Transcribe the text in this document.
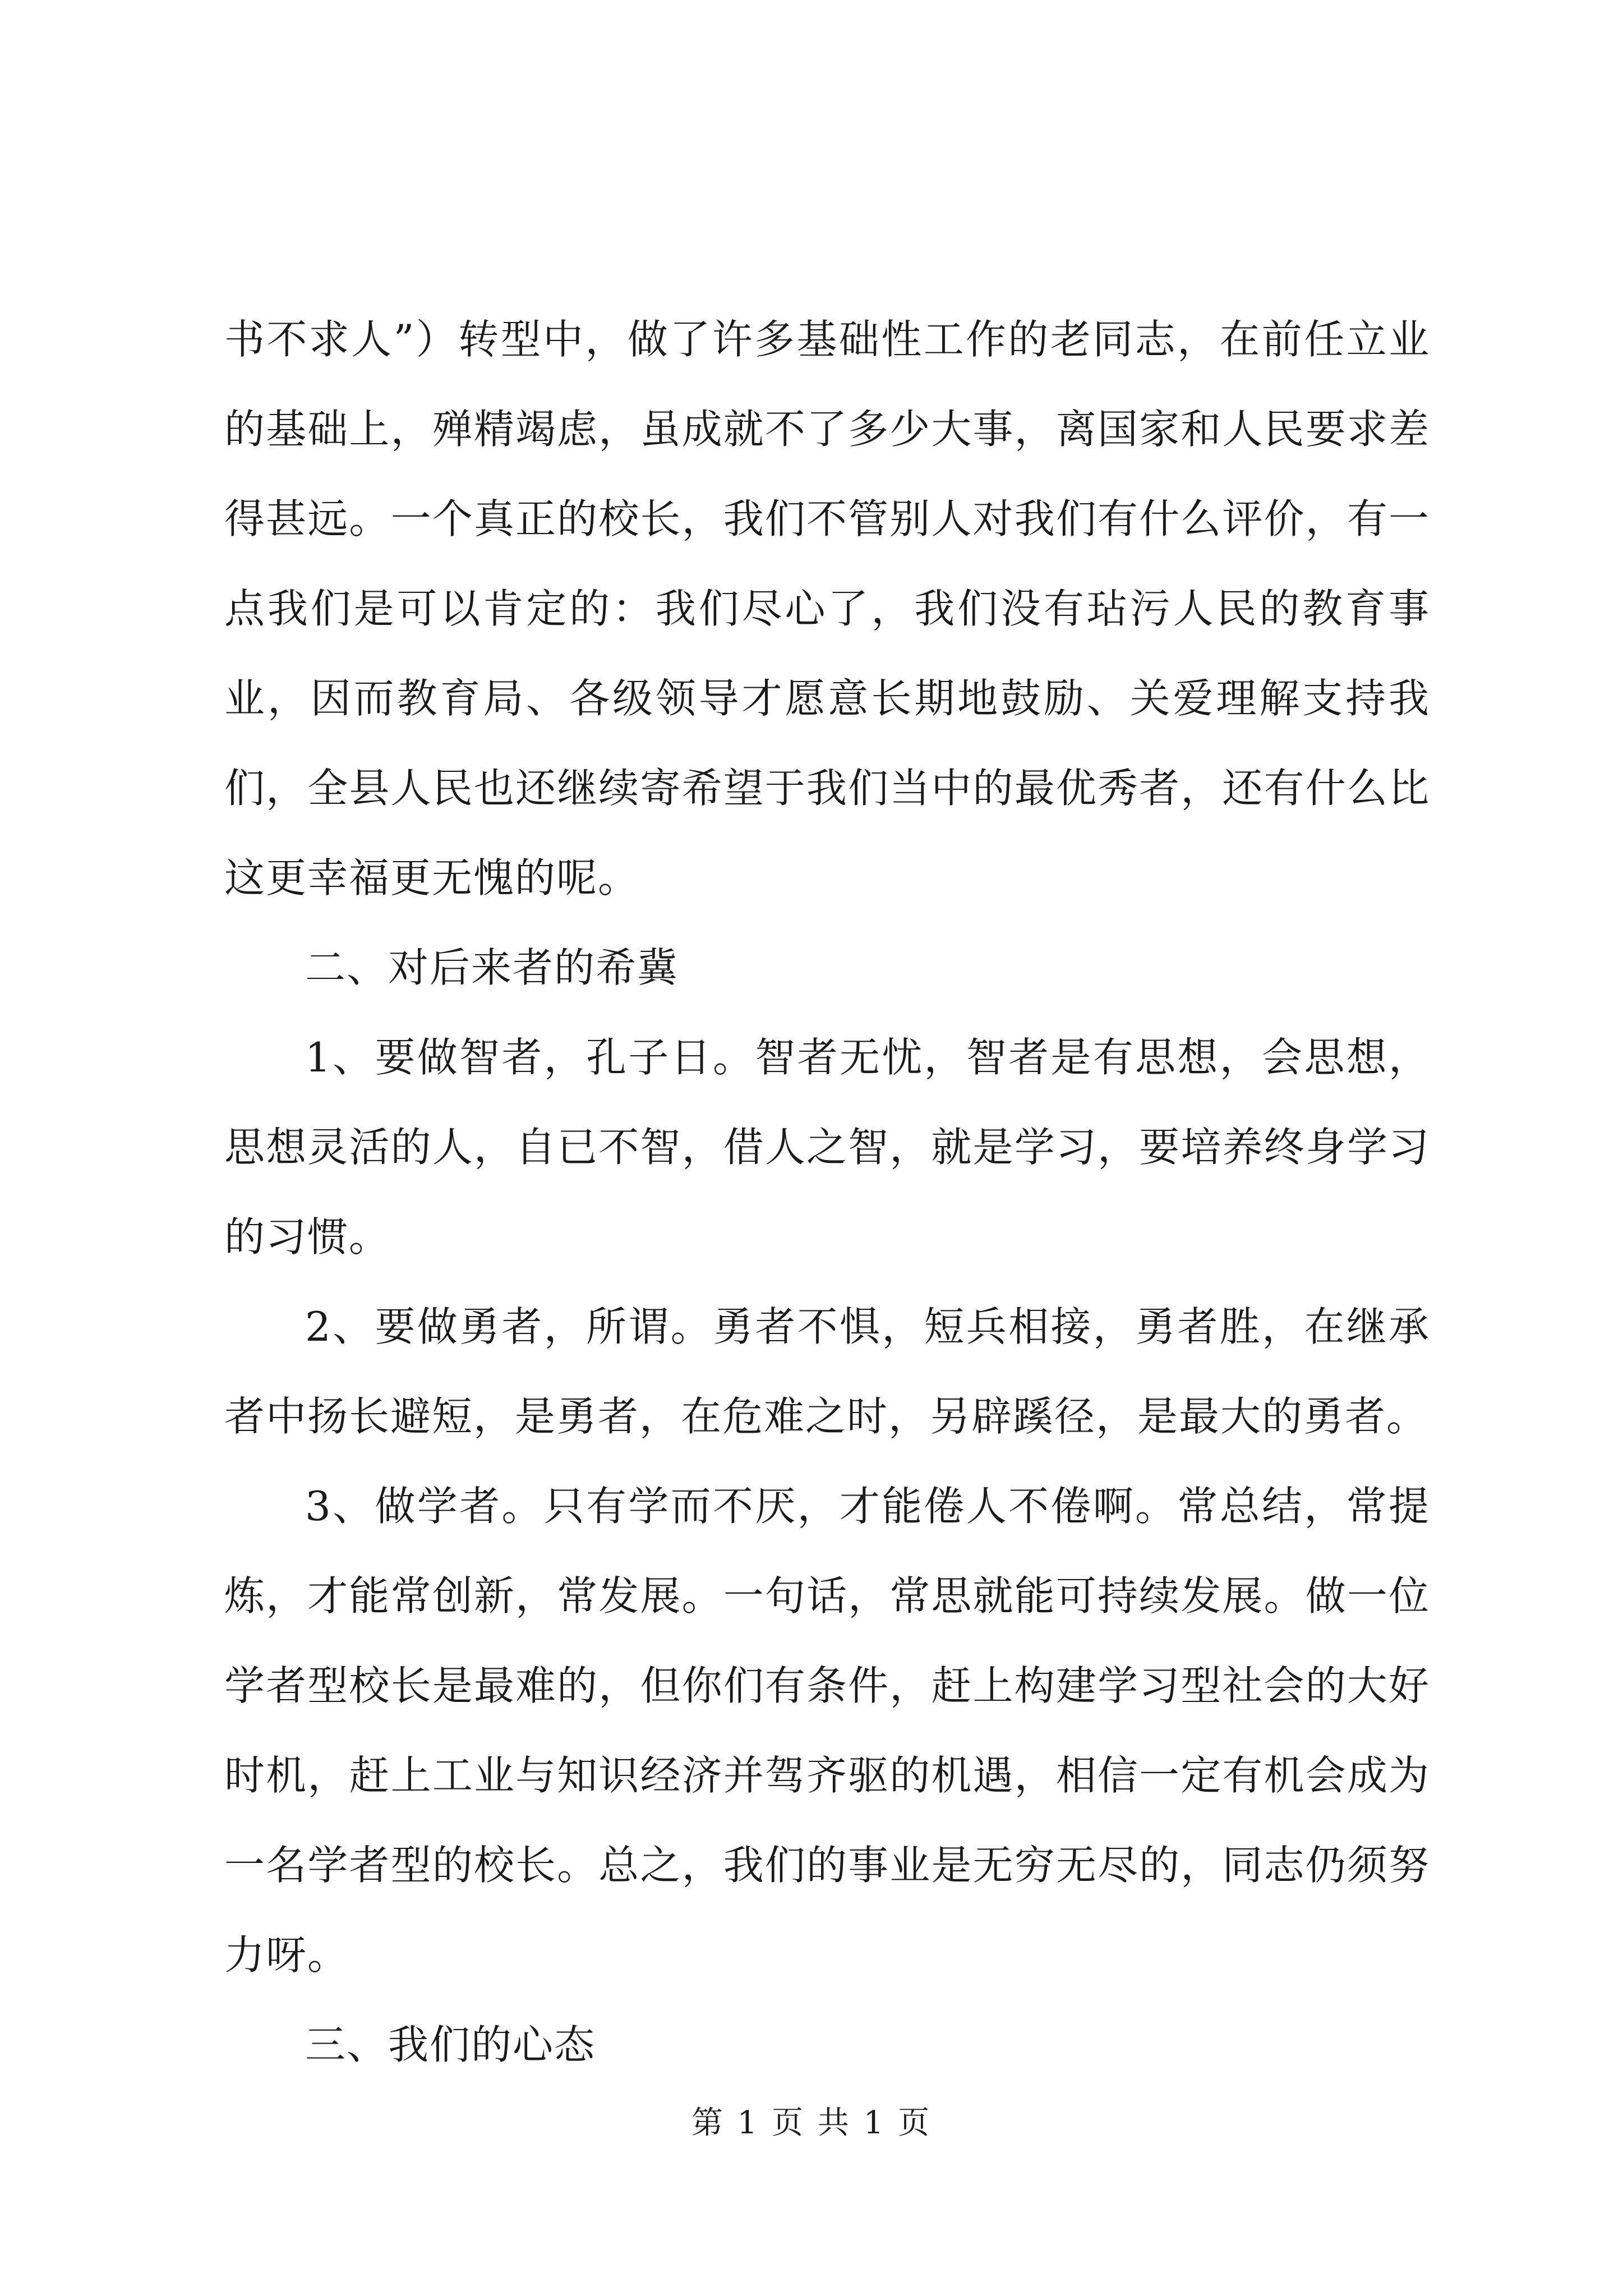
书不求人”）转型中，做了许多基础性工作的老同志，在前任立业的基础上，殚精竭虑，虽成就不了多少大事，离国家和人民要求差得甚远。一个真正的校长，我们不管别人对我们有什么评价，有一点我们是可以肯定的：我们尽心了，我们没有玷污人民的教育事业，因而教育局、各级领导才愿意长期地鼓励、关爱理解支持我们，全县人民也还继续寄希望于我们当中的最优秀者，还有什么比这更幸福更无愧的呢。

二、对后来者的希冀

1、要做智者，孔子日。智者无忧，智者是有思想，会思想，思想灵活的人，自已不智，借人之智，就是学习，要培养终身学习的习惯。

2、要做勇者，所谓。勇者不惧，短兵相接，勇者胜，在继承者中扬长避短，是勇者，在危难之时，另辟蹊径，是最大的勇者。

3、做学者。只有学而不厌，才能倦人不倦啊。常总结，常提炼，才能常创新，常发展。一句话，常思就能可持续发展。做一位学者型校长是最难的，但你们有条件，赶上构建学习型社会的大好时机，赶上工业与知识经济并驾齐驱的机遇，相信一定有机会成为一名学者型的校长。总之，我们的事业是无穷无尽的，同志仍须努力呀。

三、我们的心态

第 1 页 共 1 页
